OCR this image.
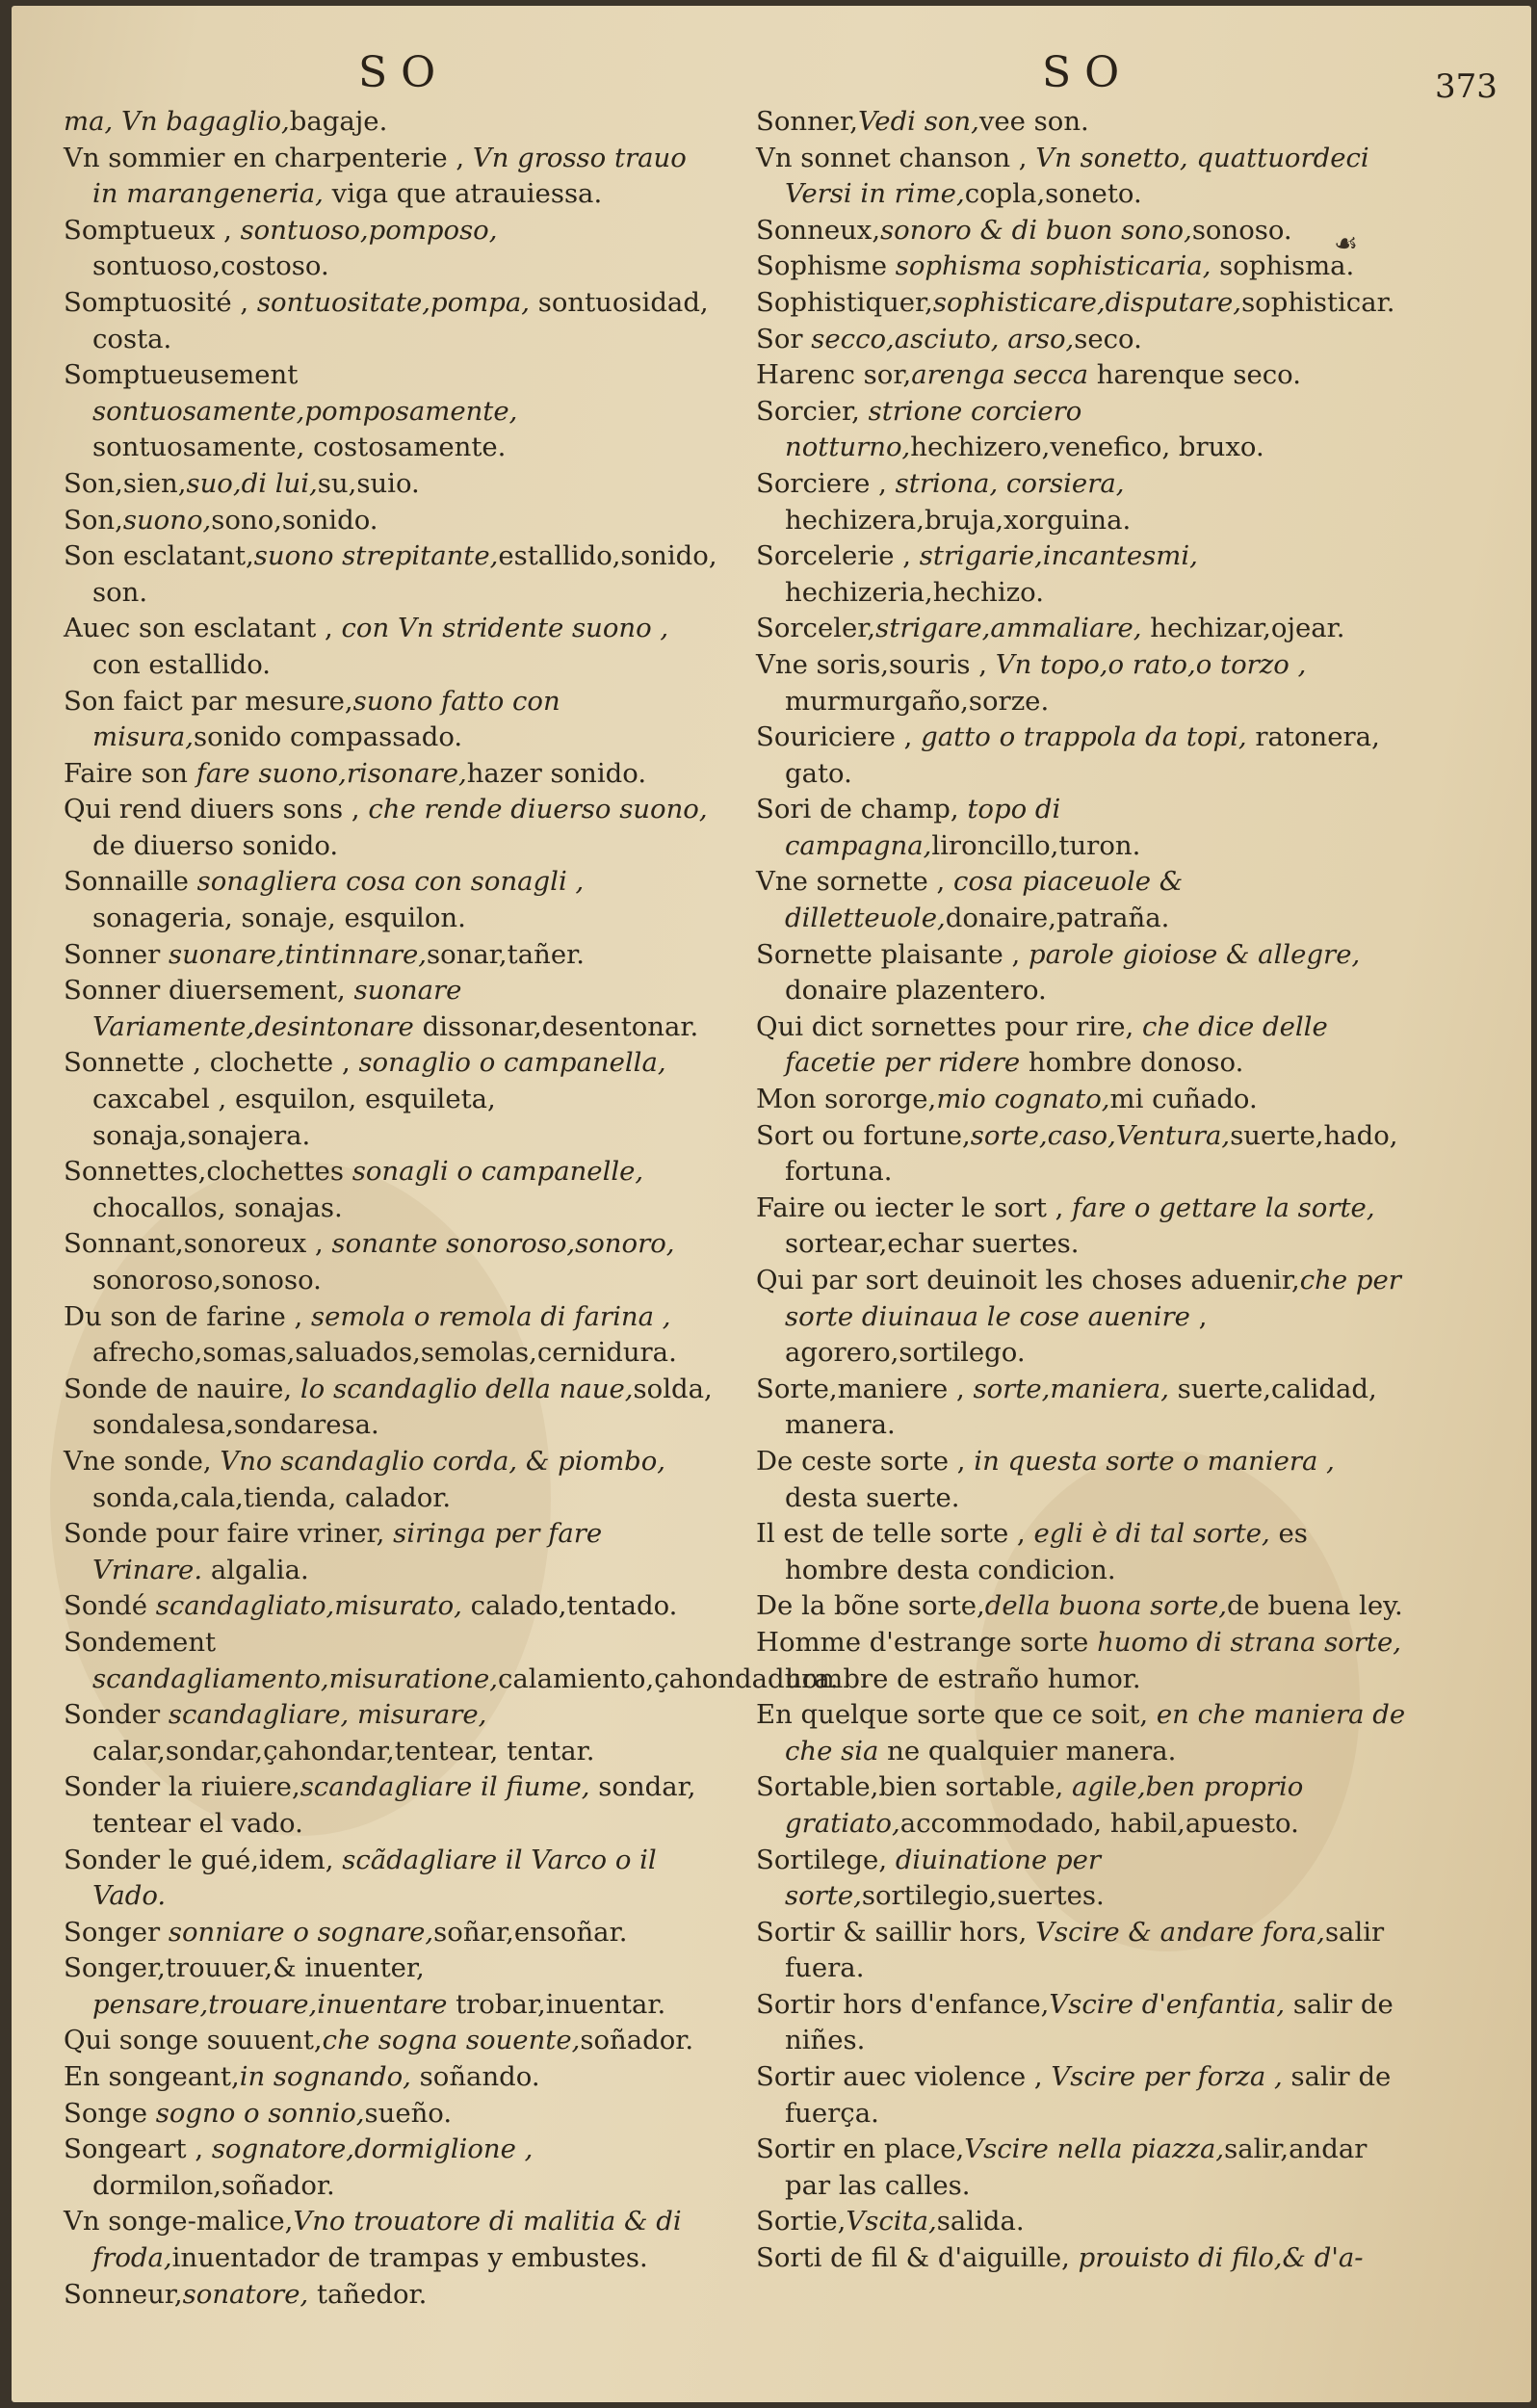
SO	SO	373
☙
ma, Vn bagaglio,bagaje.
Vn sommier en charpenterie , Vn grosso trauo in marangeneria, viga que atrauiessa.
Somptueux , sontuoso,pomposo, sontuoso,costoso.
Somptuosité , sontuositate,pompa, sontuosidad, costa.
Somptueusement sontuosamente,pomposamente, sontuosamente, costosamente.
Son,sien,suo,di lui,su,suio.
Son,suono,sono,sonido.
Son esclatant,suono strepitante,estallido,sonido, son.
Auec son esclatant , con Vn stridente suono , con estallido.
Son faict par mesure,suono fatto con misura,sonido compassado.
Faire son fare suono,risonare,hazer sonido.
Qui rend diuers sons , che rende diuerso suono, de diuerso sonido.
Sonnaille sonagliera cosa con sonagli , sonageria, sonaje, esquilon.
Sonner suonare,tintinnare,sonar,tañer.
Sonner diuersement, suonare Variamente,desintonare dissonar,desentonar.
Sonnette , clochette , sonaglio o campanella, caxcabel , esquilon, esquileta, sonaja,sonajera.
Sonnettes,clochettes sonagli o campanelle, chocallos, sonajas.
Sonnant,sonoreux , sonante sonoroso,sonoro, sonoroso,sonoso.
Du son de farine , semola o remola di farina , afrecho,somas,saluados,semolas,cernidura.
Sonde de nauire, lo scandaglio della naue,solda, sondalesa,sondaresa.
Vne sonde, Vno scandaglio corda, & piombo, sonda,cala,tienda, calador.
Sonde pour faire vriner, siringa per fare Vrinare. algalia.
Sondé scandagliato,misurato, calado,tentado.
Sondement scandagliamento,misuratione,calamiento,çahondadura.
Sonder scandagliare, misurare, calar,sondar,çahondar,tentear, tentar.
Sonder la riuiere,scandagliare il fiume, sondar, tentear el vado.
Sonder le gué,idem, scãdagliare il Varco o il Vado.
Songer sonniare o sognare,soñar,ensoñar.
Songer,trouuer,& inuenter, pensare,trouare,inuentare trobar,inuentar.
Qui songe souuent,che sogna souente,soñador.
En songeant,in sognando, soñando.
Songe sogno o sonnio,sueño.
Songeart , sognatore,dormiglione , dormilon,soñador.
Vn songe-malice,Vno trouatore di malitia & di froda,inuentador de trampas y embustes.
Sonneur,sonatore, tañedor.
Sonner,Vedi son,vee son.
Vn sonnet chanson , Vn sonetto, quattuordeci Versi in rime,copla,soneto.
Sonneux,sonoro & di buon sono,sonoso.
Sophisme sophisma sophisticaria, sophisma.
Sophistiquer,sophisticare,disputare,sophisticar.
Sor secco,asciuto, arso,seco.
Harenc sor,arenga secca harenque seco.
Sorcier, strione corciero notturno,hechizero,venefico, bruxo.
Sorciere , striona, corsiera, hechizera,bruja,xorguina.
Sorcelerie , strigarie,incantesmi, hechizeria,hechizo.
Sorceler,strigare,ammaliare, hechizar,ojear.
Vne soris,souris , Vn topo,o rato,o torzo , murmurgaño,sorze.
Souriciere , gatto o trappola da topi, ratonera, gato.
Sori de champ, topo di campagna,lironcillo,turon.
Vne sornette , cosa piaceuole & dilletteuole,donaire,patraña.
Sornette plaisante , parole gioiose & allegre, donaire plazentero.
Qui dict sornettes pour rire, che dice delle facetie per ridere hombre donoso.
Mon sororge,mio cognato,mi cuñado.
Sort ou fortune,sorte,caso,Ventura,suerte,hado, fortuna.
Faire ou iecter le sort , fare o gettare la sorte, sortear,echar suertes.
Qui par sort deuinoit les choses aduenir,che per sorte diuinaua le cose auenire , agorero,sortilego.
Sorte,maniere , sorte,maniera, suerte,calidad, manera.
De ceste sorte , in questa sorte o maniera , desta suerte.
Il est de telle sorte , egli è di tal sorte, es hombre desta condicion.
De la bõne sorte,della buona sorte,de buena ley.
Homme d'estrange sorte huomo di strana sorte, hombre de estraño humor.
En quelque sorte que ce soit, en che maniera de che sia ne qualquier manera.
Sortable,bien sortable, agile,ben proprio gratiato,accommodado, habil,apuesto.
Sortilege, diuinatione per sorte,sortilegio,suertes.
Sortir & saillir hors, Vscire & andare fora,salir fuera.
Sortir hors d'enfance,Vscire d'enfantia, salir de niñes.
Sortir auec violence , Vscire per forza , salir de fuerça.
Sortir en place,Vscire nella piazza,salir,andar par las calles.
Sortie,Vscita,salida.
Sorti de fil & d'aiguille, prouisto di filo,& d'a-
